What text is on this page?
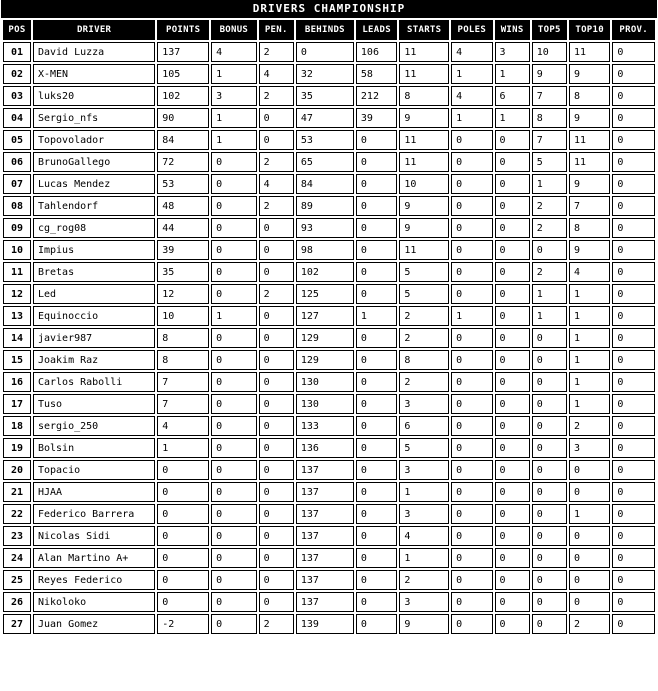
DRIVERS CHAMPIONSHIP
POS	DRIVER	POINTS	BONUS	PEN.	BEHINDS	LEADS	STARTS	POLES	WINS	TOP5	TOP10	PROV.
01	David Luzza	137	4	2	0	106	11	4	3	10	11	0
02	X-MEN	105	1	4	32	58	11	1	1	9	9	0
03	luks20	102	3	2	35	212	8	4	6	7	8	0
04	Sergio_nfs	90	1	0	47	39	9	1	1	8	9	0
05	Topovolador	84	1	0	53	0	11	0	0	7	11	0
06	BrunoGallego	72	0	2	65	0	11	0	0	5	11	0
07	Lucas Mendez	53	0	4	84	0	10	0	0	1	9	0
08	Tahlendorf	48	0	2	89	0	9	0	0	2	7	0
09	cg_rog08	44	0	0	93	0	9	0	0	2	8	0
10	Impius	39	0	0	98	0	11	0	0	0	9	0
11	Bretas	35	0	0	102	0	5	0	0	2	4	0
12	Led	12	0	2	125	0	5	0	0	1	1	0
13	Equinoccio	10	1	0	127	1	2	1	0	1	1	0
14	javier987	8	0	0	129	0	2	0	0	0	1	0
15	Joakim Raz	8	0	0	129	0	8	0	0	0	1	0
16	Carlos Rabolli	7	0	0	130	0	2	0	0	0	1	0
17	Tuso	7	0	0	130	0	3	0	0	0	1	0
18	sergio_250	4	0	0	133	0	6	0	0	0	2	0
19	Bolsin	1	0	0	136	0	5	0	0	0	3	0
20	Topacio	0	0	0	137	0	3	0	0	0	0	0
21	HJAA	0	0	0	137	0	1	0	0	0	0	0
22	Federico Barrera	0	0	0	137	0	3	0	0	0	1	0
23	Nicolas Sidi	0	0	0	137	0	4	0	0	0	0	0
24	Alan Martino A+	0	0	0	137	0	1	0	0	0	0	0
25	Reyes Federico	0	0	0	137	0	2	0	0	0	0	0
26	Nikoloko	0	0	0	137	0	3	0	0	0	0	0
27	Juan Gomez	-2	0	2	139	0	9	0	0	0	2	0
